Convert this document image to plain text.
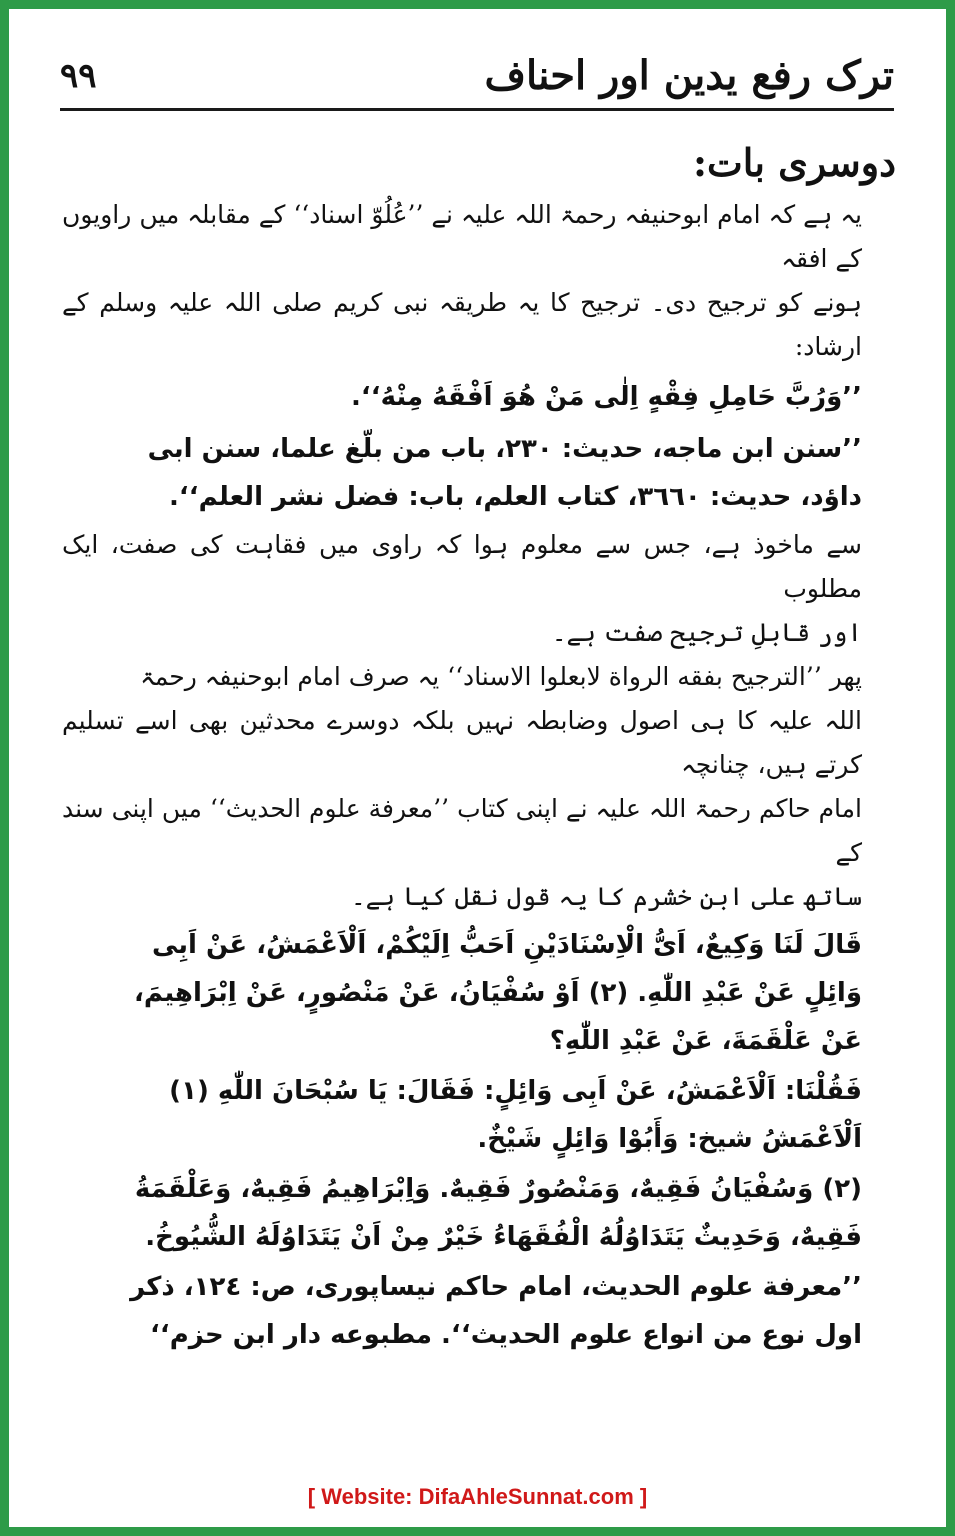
ترک رفع یدین اور احناف
۹۹
دوسری بات:

یہ ہے کہ امام ابوحنیفہ رحمۃ اللہ علیہ نے ’’عُلُوّ اسناد‘‘ کے مقابلہ میں راویوں کے افقہ
ہونے کو ترجیح دی۔ ترجیح کا یہ طریقہ نبی کریم صلی اللہ علیہ وسلم کے ارشاد:

’’وَرُبَّ حَامِلِ فِقْهٍ اِلٰی مَنْ هُوَ اَفْقَهُ مِنْهُ‘‘.

’’سنن ابن ماجه، حديث: ٢٣٠، باب من بلّغ علما، سنن ابی
داؤد، حديث: ٣٦٦٠، كتاب العلم، باب: فضل نشر العلم‘‘.

سے ماخوذ ہے، جس سے معلوم ہوا کہ راوی میں فقاہت کی صفت، ایک مطلوب
اور قابلِ ترجیح صفت ہے۔

پھر ’’الترجيح بفقه الرواة لابعلوا الاسناد‘‘ یہ صرف امام ابوحنیفہ رحمۃ
اللہ علیہ کا ہی اصول وضابطہ نہیں بلکہ دوسرے محدثین بھی اسے تسلیم کرتے ہیں، چنانچہ
امام حاکم رحمۃ اللہ علیہ نے اپنی کتاب ’’معرفة علوم الحديث‘‘ میں اپنی سند کے
ساتھ علی ابن خشرم کا یہ قول نقل کیا ہے۔

قَالَ لَنَا وَكِيعٌ، اَیُّ الْاِسْنَادَيْنِ اَحَبُّ اِلَيْكُمْ، اَلْاَعْمَشُ، عَنْ اَبِی
وَائِلٍ عَنْ عَبْدِ اللّٰهِ. (٢) اَوْ سُفْيَانُ، عَنْ مَنْصُورٍ، عَنْ اِبْرَاهِيمَ،
عَنْ عَلْقَمَةَ، عَنْ عَبْدِ اللّٰهِ؟

فَقُلْنَا: اَلْاَعْمَشُ، عَنْ اَبِی وَائِلٍ: فَقَالَ: يَا سُبْحَانَ اللّٰهِ (١)
اَلْاَعْمَشُ شيخ: وَأَبُوْا وَائِلٍ شَيْخٌ.

(٢) وَسُفْيَانُ فَقِيهٌ، وَمَنْصُورٌ فَقِيهٌ. وَاِبْرَاهِيمُ فَقِيهٌ، وَعَلْقَمَةُ
فَقِيهٌ، وَحَدِيثٌ يَتَدَاوُلُهُ الْفُقَهَاءُ خَيْرٌ مِنْ اَنْ يَتَدَاوُلَهُ الشُّيُوخُ.

’’معرفة علوم الحديث، امام حاكم نيساپوری، ص: ١٢٤، ذكر
اول نوع من انواع علوم الحديث‘‘. مطبوعه دار ابن حزم‘‘

[ Website: DifaAhleSunnat.com ]
